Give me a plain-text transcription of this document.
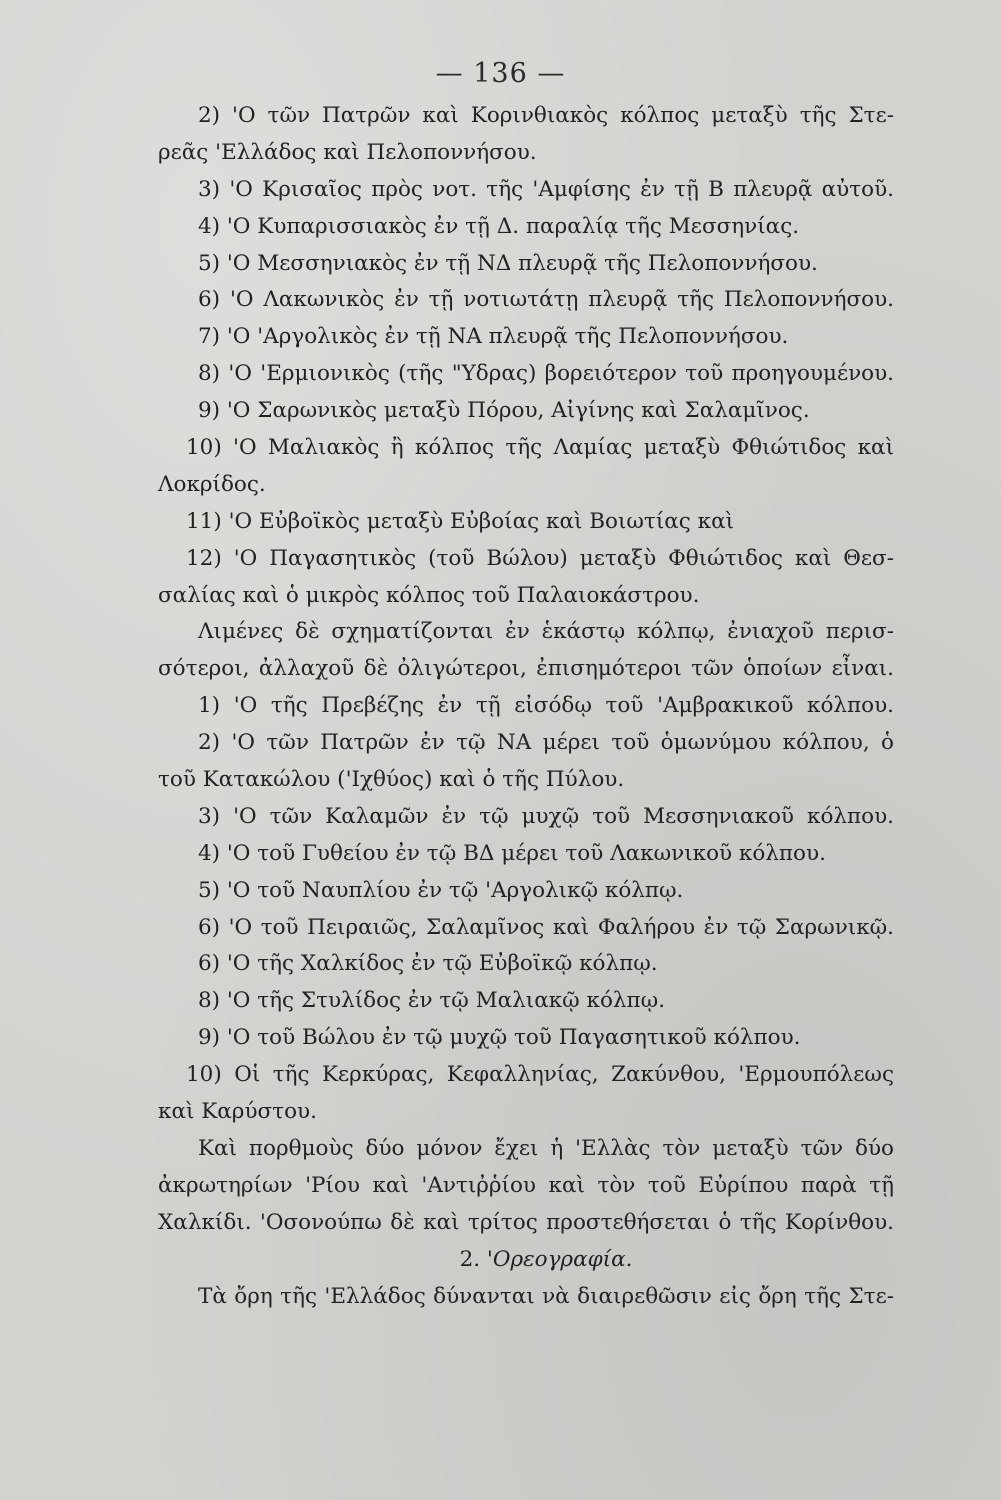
— 136 —
2) 'Ο τῶν Πατρῶν καὶ Κορινθιακὸς κόλπος μεταξὺ τῆς Στε-
ρεᾶς 'Ελλάδος καὶ Πελοποννήσου.
3) 'Ο Κρισαῖος πρὸς νοτ. τῆς 'Αμφίσης ἐν τῇ Β πλευρᾷ αὐτοῦ.
4) 'Ο Κυπαρισσιακὸς ἐν τῇ Δ. παραλίᾳ τῆς Μεσσηνίας.
5) 'Ο Μεσσηνιακὸς ἐν τῇ ΝΔ πλευρᾷ τῆς Πελοποννήσου.
6) 'Ο Λακωνικὸς ἐν τῇ νοτιωτάτῃ πλευρᾷ τῆς Πελοποννήσου.
7) 'Ο 'Αργολικὸς ἐν τῇ ΝΑ πλευρᾷ τῆς Πελοποννήσου.
8) 'Ο 'Ερμιονικὸς (τῆς "Υδρας) βορειότερον τοῦ προηγουμένου.
9) 'Ο Σαρωνικὸς μεταξὺ Πόρου, Αἰγίνης καὶ Σαλαμῖνος.
10) 'Ο Μαλιακὸς ἢ κόλπος τῆς Λαμίας μεταξὺ Φθιώτιδος καὶ
Λοκρίδος.
11) 'Ο Εὐβοϊκὸς μεταξὺ Εὐβοίας καὶ Βοιωτίας καὶ
12) 'Ο Παγασητικὸς (τοῦ Βώλου) μεταξὺ Φθιώτιδος καὶ Θεσ-
σαλίας καὶ ὁ μικρὸς κόλπος τοῦ Παλαιοκάστρου.
Λιμένες δὲ σχηματίζονται ἐν ἑκάστῳ κόλπῳ, ἐνιαχοῦ περισ-
σότεροι, ἀλλαχοῦ δὲ ὀλιγώτεροι, ἐπισημότεροι τῶν ὁποίων εἶναι.
1) 'Ο τῆς Πρεβέζης ἐν τῇ εἰσόδῳ τοῦ 'Αμβρακικοῦ κόλπου.
2) 'Ο τῶν Πατρῶν ἐν τῷ ΝΑ μέρει τοῦ ὁμωνύμου κόλπου, ὁ
τοῦ Κατακώλου ('Ιχθύος) καὶ ὁ τῆς Πύλου.
3) 'Ο τῶν Καλαμῶν ἐν τῷ μυχῷ τοῦ Μεσσηνιακοῦ κόλπου.
4) 'Ο τοῦ Γυθείου ἐν τῷ ΒΔ μέρει τοῦ Λακωνικοῦ κόλπου.
5) 'Ο τοῦ Ναυπλίου ἐν τῷ 'Αργολικῷ κόλπῳ.
6) 'Ο τοῦ Πειραιῶς, Σαλαμῖνος καὶ Φαλήρου ἐν τῷ Σαρωνικῷ.
6) 'Ο τῆς Χαλκίδος ἐν τῷ Εὐβοϊκῷ κόλπῳ.
8) 'Ο τῆς Στυλίδος ἐν τῷ Μαλιακῷ κόλπῳ.
9) 'Ο τοῦ Βώλου ἐν τῷ μυχῷ τοῦ Παγασητικοῦ κόλπου.
10) Οἱ τῆς Κερκύρας, Κεφαλληνίας, Ζακύνθου, 'Ερμουπόλεως
καὶ Καρύστου.
Καὶ πορθμοὺς δύο μόνον ἔχει ἡ 'Ελλὰς τὸν μεταξὺ τῶν δύο
ἀκρωτηρίων 'Ρίου καὶ 'Αντιῤῥίου καὶ τὸν τοῦ Εὐρίπου παρὰ τῇ
Χαλκίδι. 'Οσονούπω δὲ καὶ τρίτος προστεθήσεται ὁ τῆς Κορίνθου.
2. 'Ορεογραφία.
Τὰ ὄρη τῆς 'Ελλάδος δύνανται νὰ διαιρεθῶσιν εἰς ὄρη τῆς Στε-
